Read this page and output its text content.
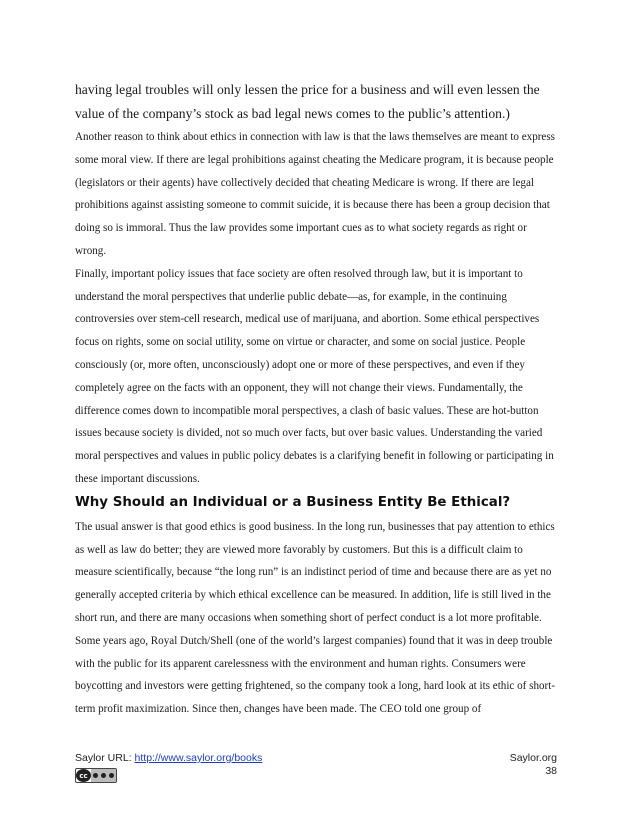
having legal troubles will only lessen the price for a business and will even lessen the value of the company’s stock as bad legal news comes to the public’s attention.)

Another reason to think about ethics in connection with law is that the laws themselves are meant to express some moral view. If there are legal prohibitions against cheating the Medicare program, it is because people (legislators or their agents) have collectively decided that cheating Medicare is wrong. If there are legal prohibitions against assisting someone to commit suicide, it is because there has been a group decision that doing so is immoral. Thus the law provides some important cues as to what society regards as right or wrong.

Finally, important policy issues that face society are often resolved through law, but it is important to understand the moral perspectives that underlie public debate—as, for example, in the continuing controversies over stem-cell research, medical use of marijuana, and abortion. Some ethical perspectives focus on rights, some on social utility, some on virtue or character, and some on social justice. People consciously (or, more often, unconsciously) adopt one or more of these perspectives, and even if they completely agree on the facts with an opponent, they will not change their views. Fundamentally, the difference comes down to incompatible moral perspectives, a clash of basic values. These are hot-button issues because society is divided, not so much over facts, but over basic values. Understanding the varied moral perspectives and values in public policy debates is a clarifying benefit in following or participating in these important discussions.

Why Should an Individual or a Business Entity Be Ethical?

The usual answer is that good ethics is good business. In the long run, businesses that pay attention to ethics as well as law do better; they are viewed more favorably by customers. But this is a difficult claim to measure scientifically, because “the long run” is an indistinct period of time and because there are as yet no generally accepted criteria by which ethical excellence can be measured. In addition, life is still lived in the short run, and there are many occasions when something short of perfect conduct is a lot more profitable.

Some years ago, Royal Dutch/Shell (one of the world’s largest companies) found that it was in deep trouble with the public for its apparent carelessness with the environment and human rights. Consumers were boycotting and investors were getting frightened, so the company took a long, hard look at its ethic of short-term profit maximization. Since then, changes have been made. The CEO told one group of

Saylor URL: http://www.saylor.org/books
cc
Saylor.org
38
